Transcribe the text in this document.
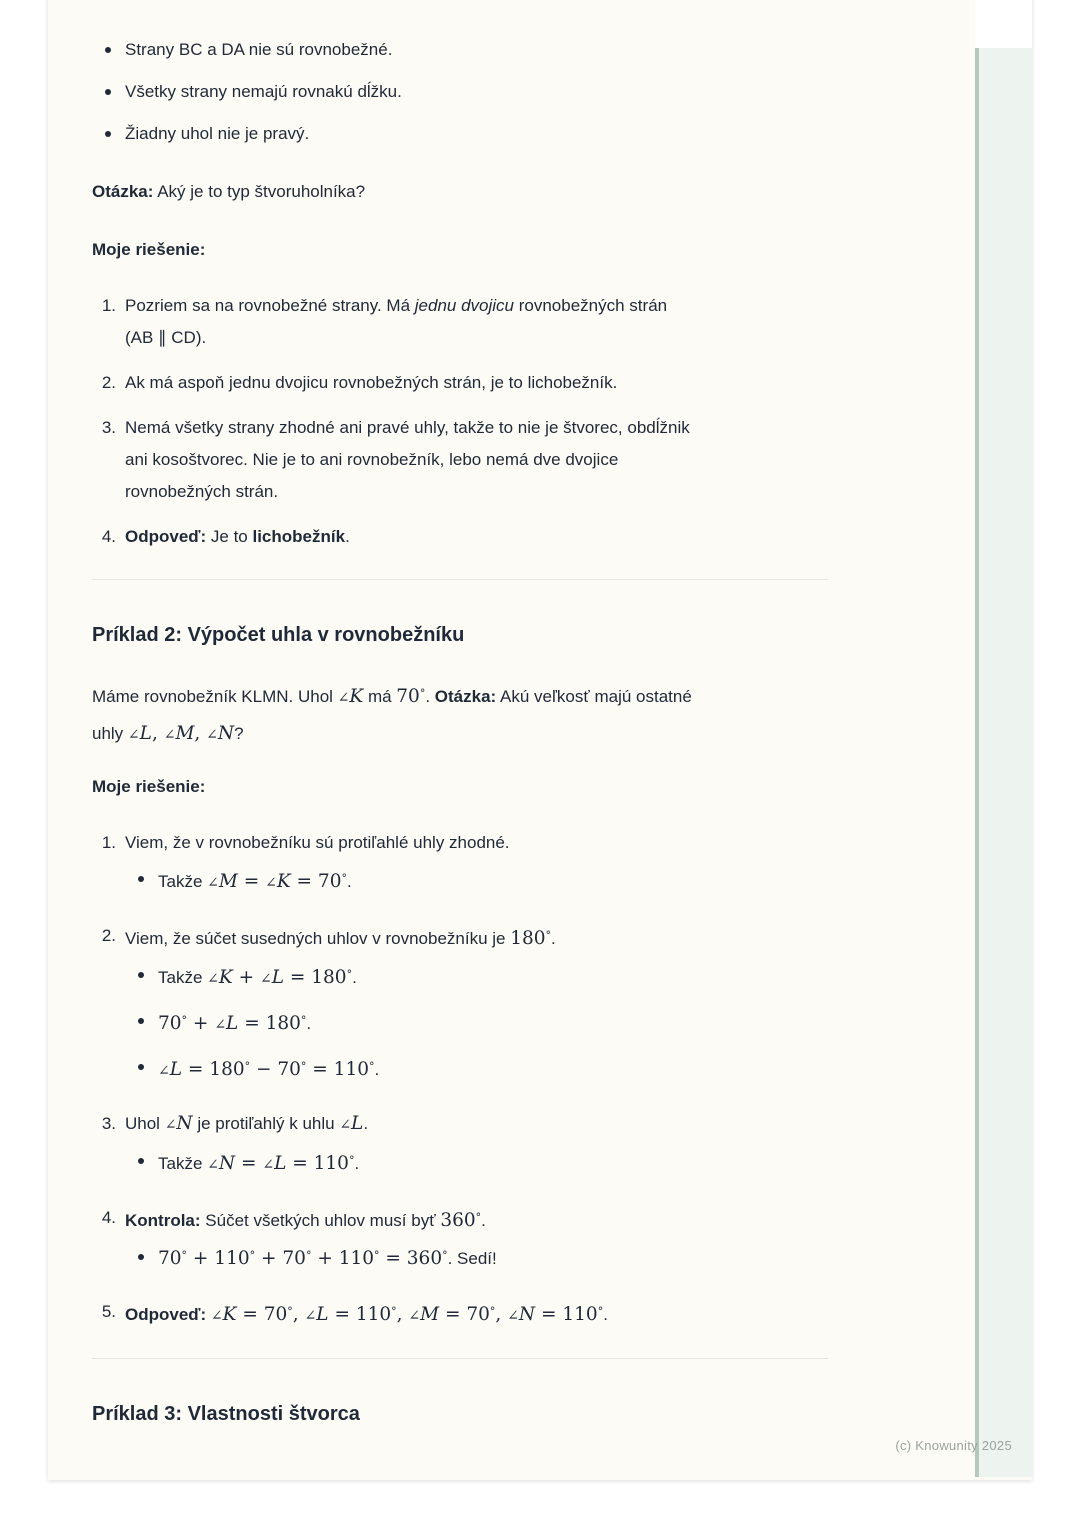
Strany BC a DA nie sú rovnobežné.
Všetky strany nemajú rovnakú dĺžku.
Žiadny uhol nie je pravý.
Otázka: Aký je to typ štvoruholníka?
Moje riešenie:
1. Pozriem sa na rovnobežné strany. Má jednu dvojicu rovnobežných strán
(AB ∥ CD).
2. Ak má aspoň jednu dvojicu rovnobežných strán, je to lichobežník.
3. Nemá všetky strany zhodné ani pravé uhly, takže to nie je štvorec, obdĺžnik
ani kosoštvorec. Nie je to ani rovnobežník, lebo nemá dve dvojice
rovnobežných strán.
4. Odpoveď: Je to lichobežník.
Príklad 2: Výpočet uhla v rovnobežníku
Máme rovnobežník KLMN. Uhol ∠K má 70°. Otázka: Akú veľkosť majú ostatné
uhly ∠L, ∠M, ∠N?
Moje riešenie:
1. Viem, že v rovnobežníku sú protiľahlé uhly zhodné.
Takže ∠M = ∠K = 70°.
2. Viem, že súčet susedných uhlov v rovnobežníku je 180°.
Takže ∠K + ∠L = 180°.
70° + ∠L = 180°.
∠L = 180° − 70° = 110°.
3. Uhol ∠N je protiľahlý k uhlu ∠L.
Takže ∠N = ∠L = 110°.
4. Kontrola: Súčet všetkých uhlov musí byť 360°.
70° + 110° + 70° + 110° = 360°. Sedí!
5. Odpoveď: ∠K = 70°, ∠L = 110°, ∠M = 70°, ∠N = 110°.
Príklad 3: Vlastnosti štvorca
(c) Knowunity 2025
